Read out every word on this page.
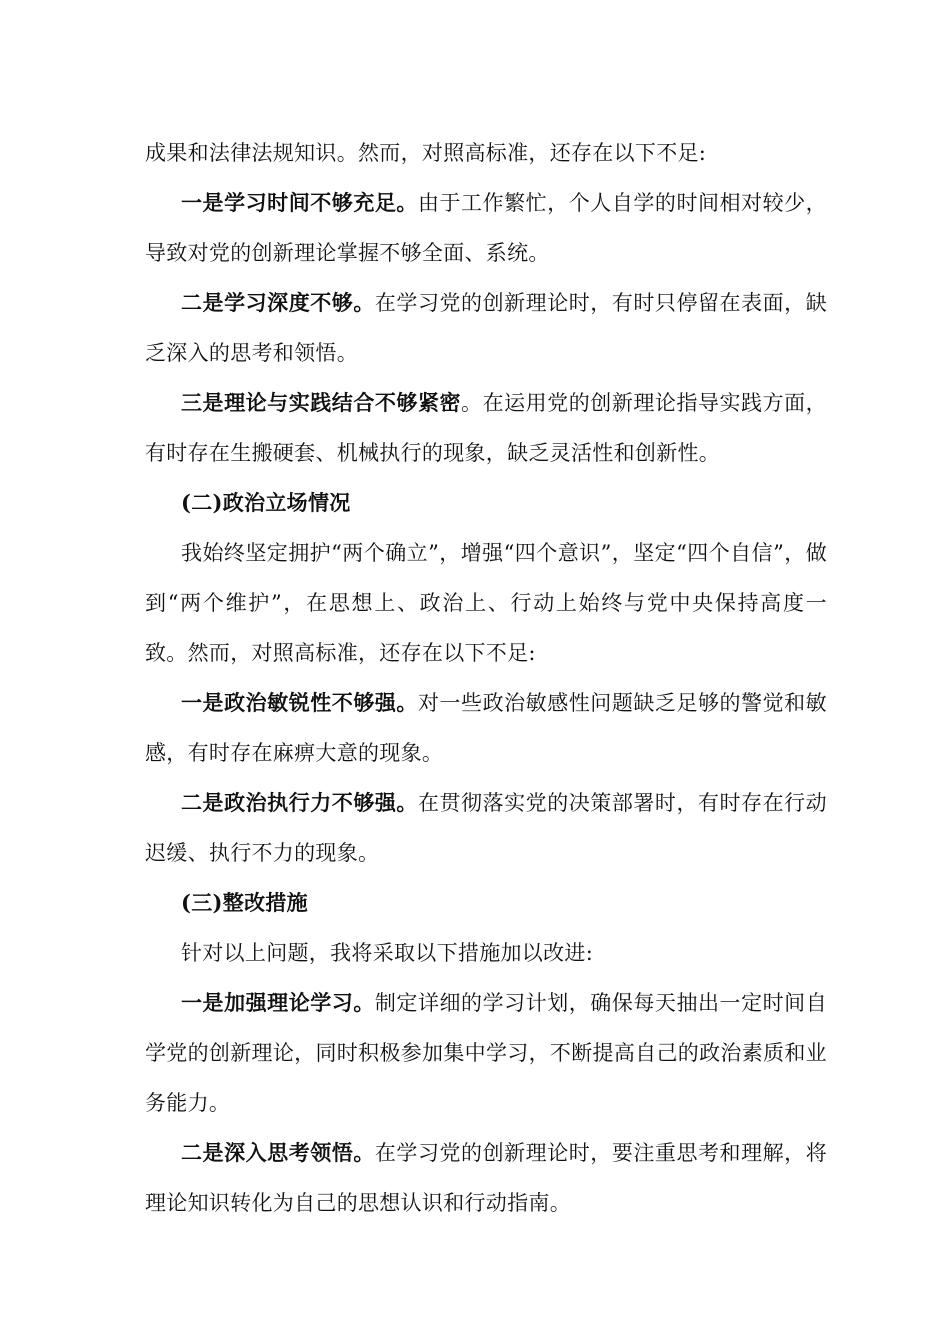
成果和法律法规知识。然而，对照高标准，还存在以下不足:

一是学习时间不够充足。由于工作繁忙，个人自学的时间相对较少，导致对党的创新理论掌握不够全面、系统。

二是学习深度不够。在学习党的创新理论时，有时只停留在表面，缺乏深入的思考和领悟。

三是理论与实践结合不够紧密。在运用党的创新理论指导实践方面，有时存在生搬硬套、机械执行的现象，缺乏灵活性和创新性。

(二)政治立场情况

我始终坚定拥护“两个确立”，增强“四个意识”，坚定“四个自信”，做到“两个维护”，在思想上、政治上、行动上始终与党中央保持高度一致。然而，对照高标准，还存在以下不足:

一是政治敏锐性不够强。对一些政治敏感性问题缺乏足够的警觉和敏感，有时存在麻痹大意的现象。

二是政治执行力不够强。在贯彻落实党的决策部署时，有时存在行动迟缓、执行不力的现象。

(三)整改措施

针对以上问题，我将采取以下措施加以改进:

一是加强理论学习。制定详细的学习计划，确保每天抽出一定时间自学党的创新理论，同时积极参加集中学习，不断提高自己的政治素质和业务能力。

二是深入思考领悟。在学习党的创新理论时，要注重思考和理解，将理论知识转化为自己的思想认识和行动指南。
